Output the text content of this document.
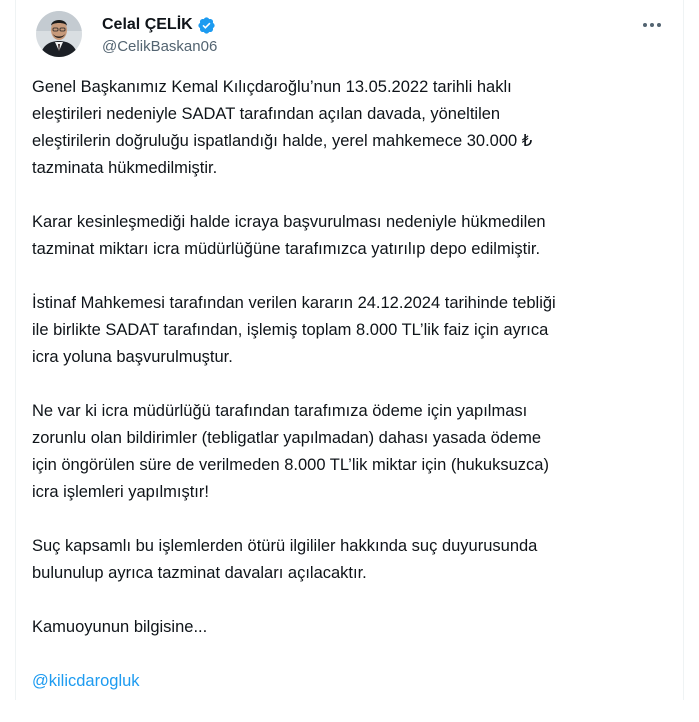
Celal ÇELİK
@CelikBaskan06

Genel Başkanımız Kemal Kılıçdaroğlu’nun 13.05.2022 tarihli haklı
eleştirileri nedeniyle SADAT tarafından açılan davada, yöneltilen
eleştirilerin doğruluğu ispatlandığı halde, yerel mahkemece 30.000 ₺
tazminata hükmedilmiştir.

Karar kesinleşmediği halde icraya başvurulması nedeniyle hükmedilen
tazminat miktarı icra müdürlüğüne tarafımızca yatırılıp depo edilmiştir.

İstinaf Mahkemesi tarafından verilen kararın 24.12.2024 tarihinde tebliği
ile birlikte SADAT tarafından, işlemiş toplam 8.000 TL’lik faiz için ayrıca
icra yoluna başvurulmuştur.

Ne var ki icra müdürlüğü tarafından tarafımıza ödeme için yapılması
zorunlu olan bildirimler (tebligatlar yapılmadan) dahası yasada ödeme
için öngörülen süre de verilmeden 8.000 TL’lik miktar için (hukuksuzca)
icra işlemleri yapılmıştır!

Suç kapsamlı bu işlemlerden ötürü ilgililer hakkında suç duyurusunda
bulunulup ayrıca tazminat davaları açılacaktır.

Kamuoyunun bilgisine...

@kilicdarogluk
